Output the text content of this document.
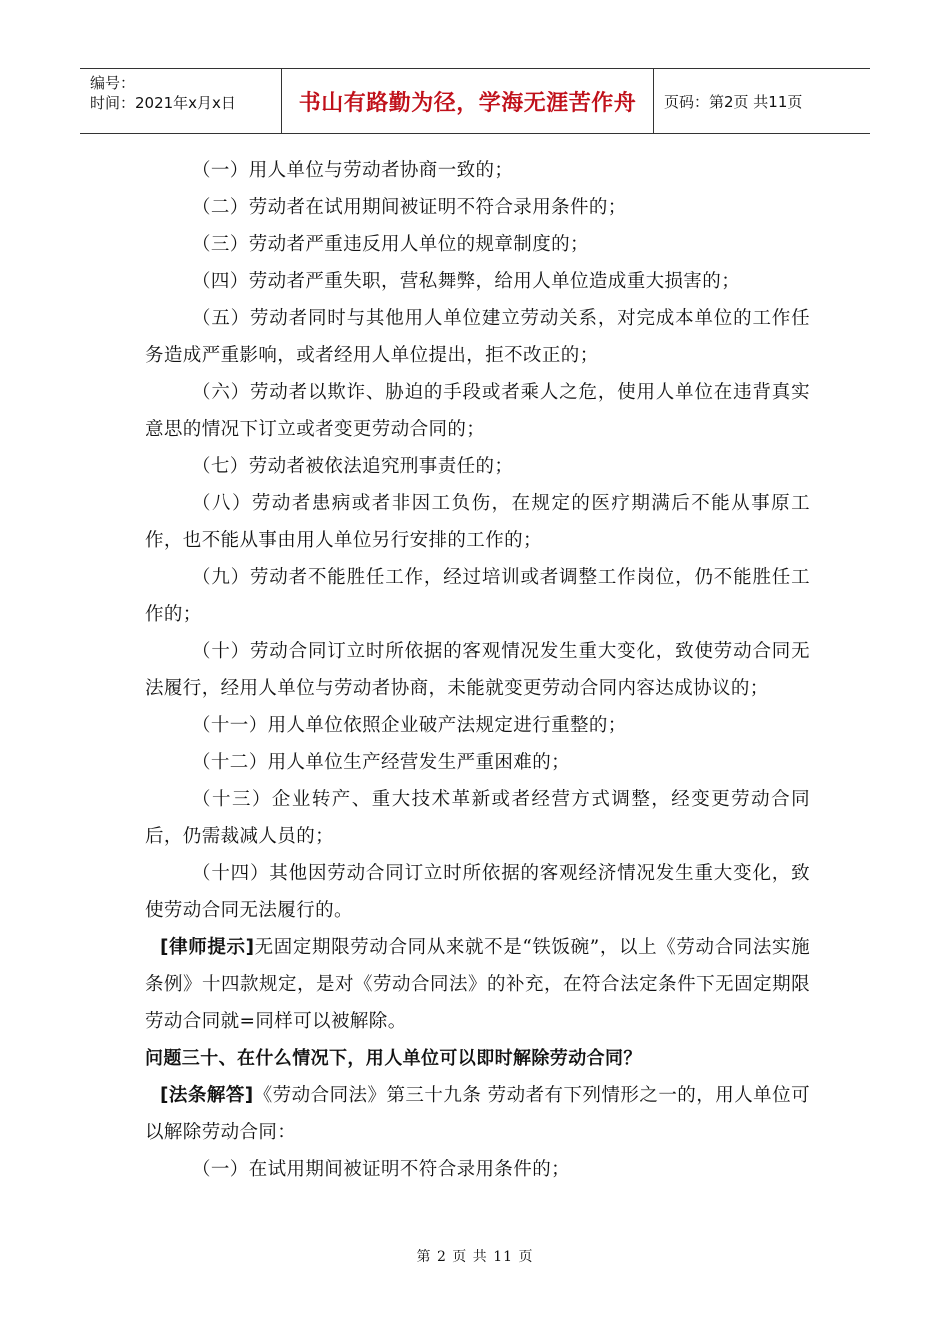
编号：
时间：2021年x月x日	书山有路勤为径，学海无涯苦作舟	页码：第2页 共11页

（一）用人单位与劳动者协商一致的；

（二）劳动者在试用期间被证明不符合录用条件的；

（三）劳动者严重违反用人单位的规章制度的；

（四）劳动者严重失职，营私舞弊，给用人单位造成重大损害的；

（五）劳动者同时与其他用人单位建立劳动关系，对完成本单位的工作任务造成严重影响，或者经用人单位提出，拒不改正的；

（六）劳动者以欺诈、胁迫的手段或者乘人之危，使用人单位在违背真实意思的情况下订立或者变更劳动合同的；

（七）劳动者被依法追究刑事责任的；

（八）劳动者患病或者非因工负伤，在规定的医疗期满后不能从事原工作，也不能从事由用人单位另行安排的工作的；

（九）劳动者不能胜任工作，经过培训或者调整工作岗位，仍不能胜任工作的；

（十）劳动合同订立时所依据的客观情况发生重大变化，致使劳动合同无法履行，经用人单位与劳动者协商，未能就变更劳动合同内容达成协议的；

（十一）用人单位依照企业破产法规定进行重整的；

（十二）用人单位生产经营发生严重困难的；

（十三）企业转产、重大技术革新或者经营方式调整，经变更劳动合同后，仍需裁减人员的；

（十四）其他因劳动合同订立时所依据的客观经济情况发生重大变化，致使劳动合同无法履行的。

[律师提示]无固定期限劳动合同从来就不是“铁饭碗”，以上《劳动合同法实施条例》十四款规定，是对《劳动合同法》的补充，在符合法定条件下无固定期限劳动合同就=同样可以被解除。

问题三十、在什么情况下，用人单位可以即时解除劳动合同？

[法条解答]《劳动合同法》第三十九条 劳动者有下列情形之一的，用人单位可以解除劳动合同：

（一）在试用期间被证明不符合录用条件的；

第 2 页 共 11 页
